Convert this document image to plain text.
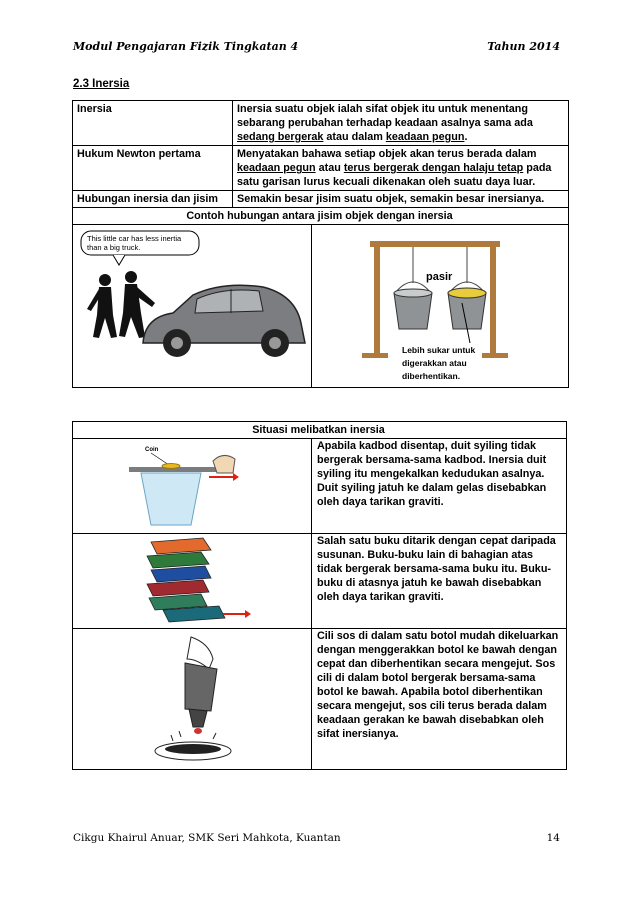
Modul Pengajaran Fizik Tingkatan 4	Tahun 2014
2.3 Inersia
Inersia	Inersia suatu objek ialah sifat objek itu untuk menentang sebarang perubahan terhadap keadaan asalnya sama ada sedang bergerak atau dalam keadaan pegun.
Hukum Newton pertama	Menyatakan bahawa setiap objek akan terus berada dalam keadaan pegun atau terus bergerak dengan halaju tetap pada satu garisan lurus kecuali dikenakan oleh suatu daya luar.
Hubungan inersia dan jisim	Semakin besar jisim suatu objek, semakin besar inersianya.
Contoh hubungan antara jisim objek dengan inersia	

This little car has less inertia than a big truck.
pasir
Lebih sukar untuk digerakkan atau diberhentikan.	
Situasi melibatkan inersia	

Coin	Apabila kadbod disentap, duit syiling tidak bergerak bersama-sama kadbod. Inersia duit syiling itu mengekalkan kedudukan asalnya. Duit syiling jatuh ke dalam gelas disebabkan oleh daya tarikan graviti.
	Salah satu buku ditarik dengan cepat daripada susunan. Buku-buku lain di bahagian atas tidak bergerak bersama-sama buku itu. Buku-buku di atasnya jatuh ke bawah disebabkan oleh daya tarikan graviti.
	Cili sos di dalam satu botol mudah dikeluarkan dengan menggerakkan botol ke bawah dengan cepat dan diberhentikan secara mengejut. Sos cili di dalam botol bergerak bersama-sama botol ke bawah. Apabila botol diberhentikan secara mengejut, sos cili terus berada dalam keadaan gerakan ke bawah disebabkan oleh sifat inersianya.
Cikgu Khairul Anuar, SMK Seri Mahkota, Kuantan	14
